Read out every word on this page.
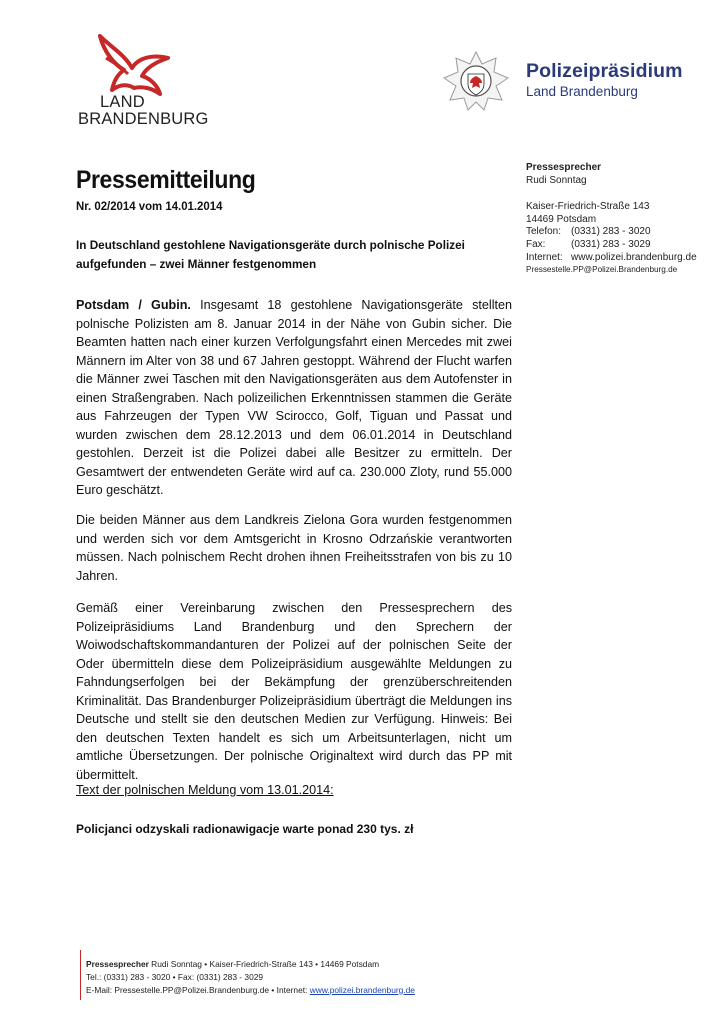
LAND
BRANDENBURG
Polizeipräsidium
Land Brandenburg
Pressesprecher
Rudi Sonntag
Kaiser-Friedrich-Straße 143
14469 Potsdam
Telefon: (0331) 283 - 3020
Fax:	(0331) 283 - 3029
Internet: www.polizei.brandenburg.de
Pressestelle.PP@Polizei.Brandenburg.de
Pressemitteilung
Nr. 02/2014 vom 14.01.2014
In Deutschland gestohlene Navigationsgeräte durch polnische Polizei aufgefunden – zwei Männer festgenommen
Potsdam / Gubin. Insgesamt 18 gestohlene Navigationsgeräte stellten polnische Polizisten am 8. Januar 2014 in der Nähe von Gubin sicher. Die Beamten hatten nach einer kurzen Verfolgungsfahrt einen Mercedes mit zwei Männern im Alter von 38 und 67 Jahren gestoppt. Während der Flucht warfen die Männer zwei Taschen mit den Navigationsgeräten aus dem Autofenster in einen Straßengraben. Nach polizeilichen Erkenntnissen stammen die Geräte aus Fahrzeugen der Typen VW Scirocco, Golf, Tiguan und Passat und wurden zwischen dem 28.12.2013 und dem 06.01.2014 in Deutschland gestohlen. Derzeit ist die Polizei dabei alle Besitzer zu ermitteln. Der Gesamtwert der entwendeten Geräte wird auf ca. 230.000 Zloty, rund 55.000 Euro geschätzt.
Die beiden Männer aus dem Landkreis Zielona Gora wurden festgenommen und werden sich vor dem Amtsgericht in Krosno Odrzańskie verantworten müssen. Nach polnischem Recht drohen ihnen Freiheitsstrafen von bis zu 10 Jahren.
Gemäß einer Vereinbarung zwischen den Pressesprechern des Polizeipräsidiums Land Brandenburg und den Sprechern der Woiwodschaftskommandanturen der Polizei auf der polnischen Seite der Oder übermitteln diese dem Polizeipräsidium ausgewählte Meldungen zu Fahndungserfolgen bei der Bekämpfung der grenzüberschreitenden Kriminalität. Das Brandenburger Polizeipräsidium überträgt die Meldungen ins Deutsche und stellt sie den deutschen Medien zur Verfügung. Hinweis: Bei den deutschen Texten handelt es sich um Arbeitsunterlagen, nicht um amtliche Übersetzungen. Der polnische Originaltext wird durch das PP mit übermittelt.
Text der polnischen Meldung vom 13.01.2014:
Policjanci odzyskali radionawigacje warte ponad 230 tys. zł
Pressesprecher Rudi Sonntag • Kaiser-Friedrich-Straße 143 • 14469 Potsdam
Tel.: (0331) 283 - 3020 • Fax: (0331) 283 - 3029
E-Mail: Pressestelle.PP@Polizei.Brandenburg.de • Internet: www.polizei.brandenburg.de
